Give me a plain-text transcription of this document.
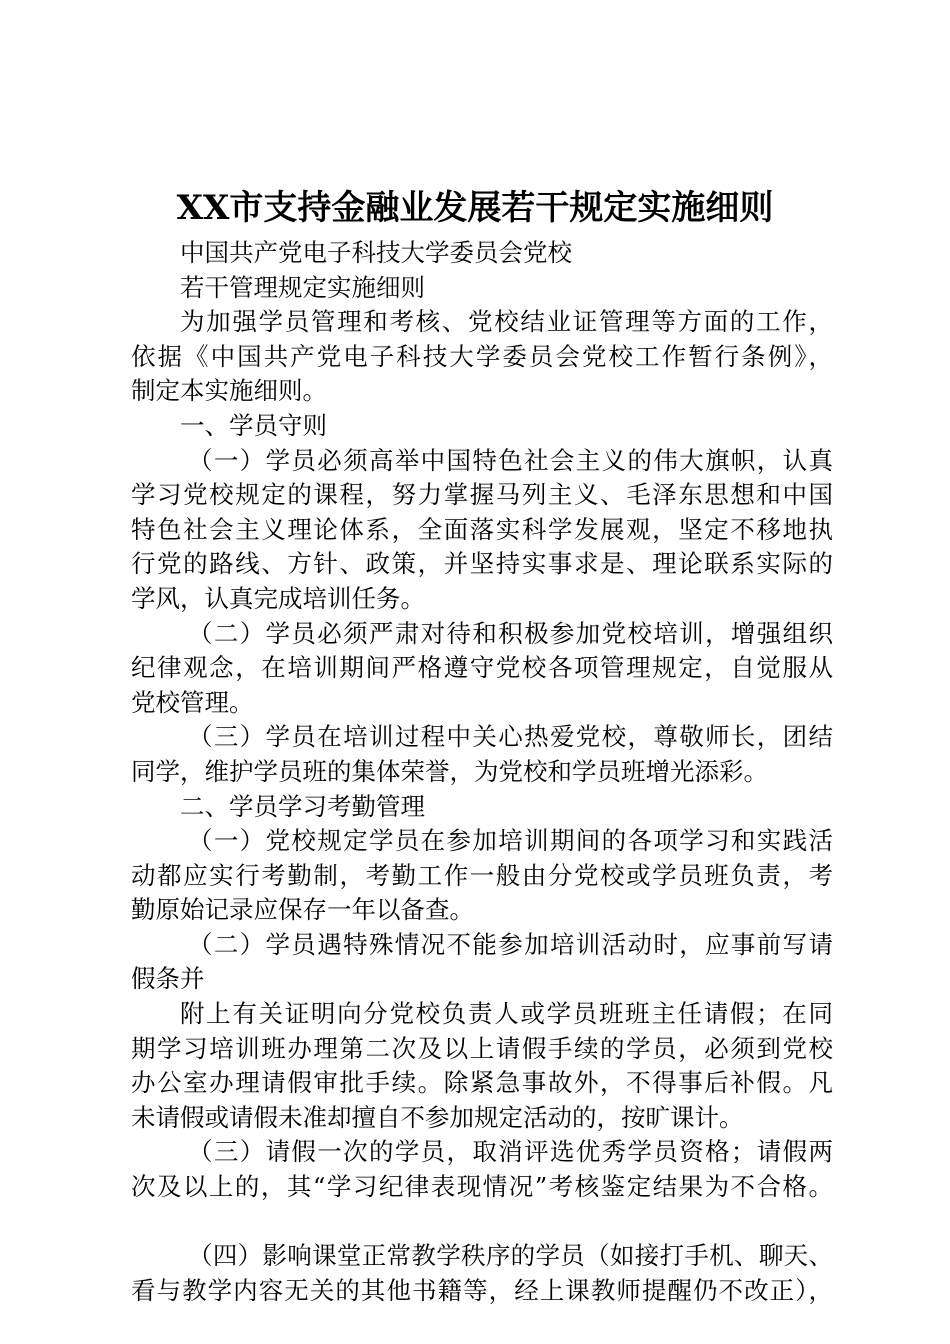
XX市支持金融业发展若干规定实施细则
中国共产党电子科技大学委员会党校
若干管理规定实施细则
为加强学员管理和考核、党校结业证管理等方面的工作，
依据《中国共产党电子科技大学委员会党校工作暂行条例》，
制定本实施细则。
一、学员守则
（一）学员必须高举中国特色社会主义的伟大旗帜，认真
学习党校规定的课程，努力掌握马列主义、毛泽东思想和中国
特色社会主义理论体系，全面落实科学发展观，坚定不移地执
行党的路线、方针、政策，并坚持实事求是、理论联系实际的
学风，认真完成培训任务。
（二）学员必须严肃对待和积极参加党校培训，增强组织
纪律观念，在培训期间严格遵守党校各项管理规定，自觉服从
党校管理。
（三）学员在培训过程中关心热爱党校，尊敬师长，团结
同学，维护学员班的集体荣誉，为党校和学员班增光添彩。
二、学员学习考勤管理
（一）党校规定学员在参加培训期间的各项学习和实践活
动都应实行考勤制，考勤工作一般由分党校或学员班负责，考
勤原始记录应保存一年以备查。
（二）学员遇特殊情况不能参加培训活动时，应事前写请
假条并
附上有关证明向分党校负责人或学员班班主任请假；在同
期学习培训班办理第二次及以上请假手续的学员，必须到党校
办公室办理请假审批手续。除紧急事故外，不得事后补假。凡
未请假或请假未准却擅自不参加规定活动的，按旷课计。
（三）请假一次的学员，取消评选优秀学员资格；请假两
次及以上的，其“学习纪律表现情况”考核鉴定结果为不合格。
（四）影响课堂正常教学秩序的学员（如接打手机、聊天、
看与教学内容无关的其他书籍等，经上课教师提醒仍不改正），
